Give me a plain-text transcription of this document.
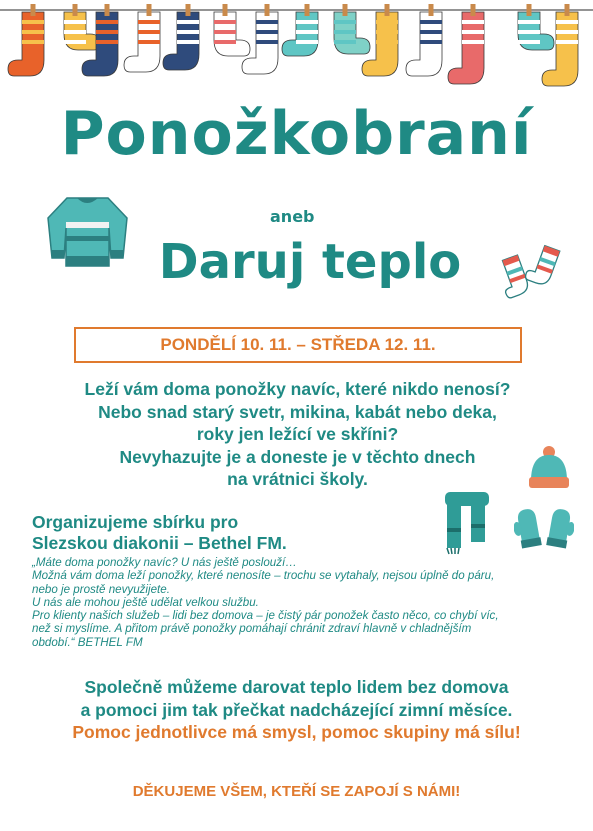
Ponožkobraní
aneb
Daruj teplo
PONDĚLÍ 10. 11. – STŘEDA 12. 11.
Leží vám doma ponožky navíc, které nikdo nenosí?
Nebo snad starý svetr, mikina, kabát nebo deka,
roky jen ležící ve skříni?
Nevyhazujte je a doneste je v těchto dnech
na vrátnici školy.
Organizujeme sbírku pro
Slezskou diakonii – Bethel FM.
„Máte doma ponožky navíc? U nás ještě poslouží…
Možná vám doma leží ponožky, které nenosíte – trochu se vytahaly, nejsou úplně do páru,
nebo je prostě nevyužijete.
U nás ale mohou ještě udělat velkou službu.
Pro klienty našich služeb – lidi bez domova – je čistý pár ponožek často něco, co chybí víc,
než si myslíme. A přitom právě ponožky pomáhají chránit zdraví hlavně v chladnějším
období.“ BETHEL FM
Společně můžeme darovat teplo lidem bez domova
a pomoci jim tak přečkat nadcházející zimní měsíce.
Pomoc jednotlivce má smysl, pomoc skupiny má sílu!
DĚKUJEME VŠEM, KTEŘÍ SE ZAPOJÍ S NÁMI!
